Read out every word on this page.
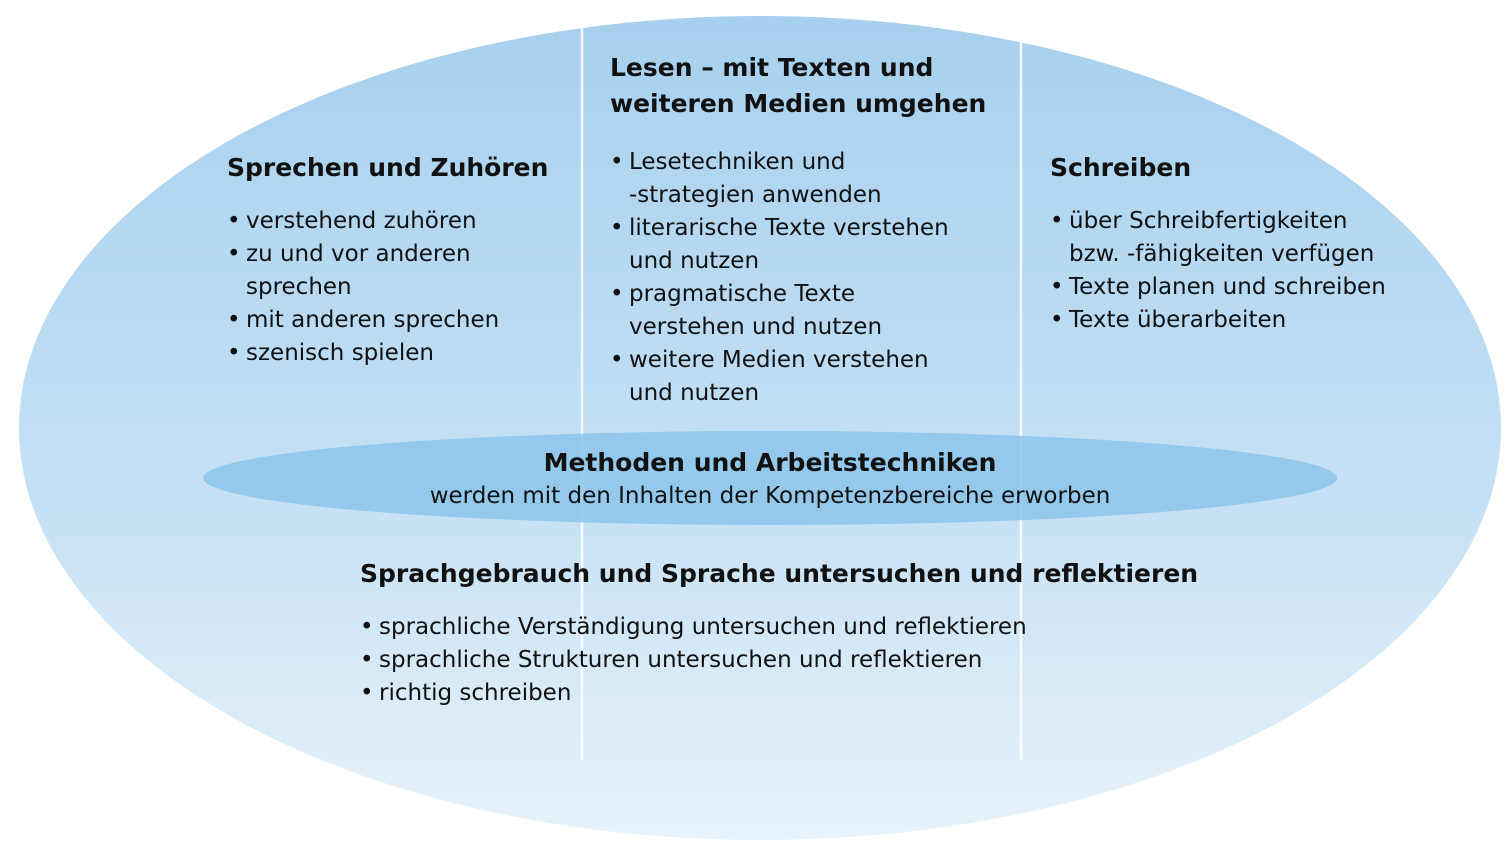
Sprechen und Zuhören
• verstehend zuhören
• zu und vor anderen
sprechen
• mit anderen sprechen
• szenisch spielen
Lesen – mit Texten und
weiteren Medien umgehen
• Lesetechniken und
-strategien anwenden
• literarische Texte verstehen
und nutzen
• pragmatische Texte
verstehen und nutzen
• weitere Medien verstehen
und nutzen
Schreiben
• über Schreibfertigkeiten
bzw. -fähigkeiten verfügen
• Texte planen und schreiben
• Texte überarbeiten
Methoden und Arbeitstechniken

werden mit den Inhalten der Kompetenzbereiche erworben

Sprachgebrauch und Sprache untersuchen und reflektieren
• sprachliche Verständigung untersuchen und reflektieren
• sprachliche Strukturen untersuchen und reflektieren
• richtig schreiben
